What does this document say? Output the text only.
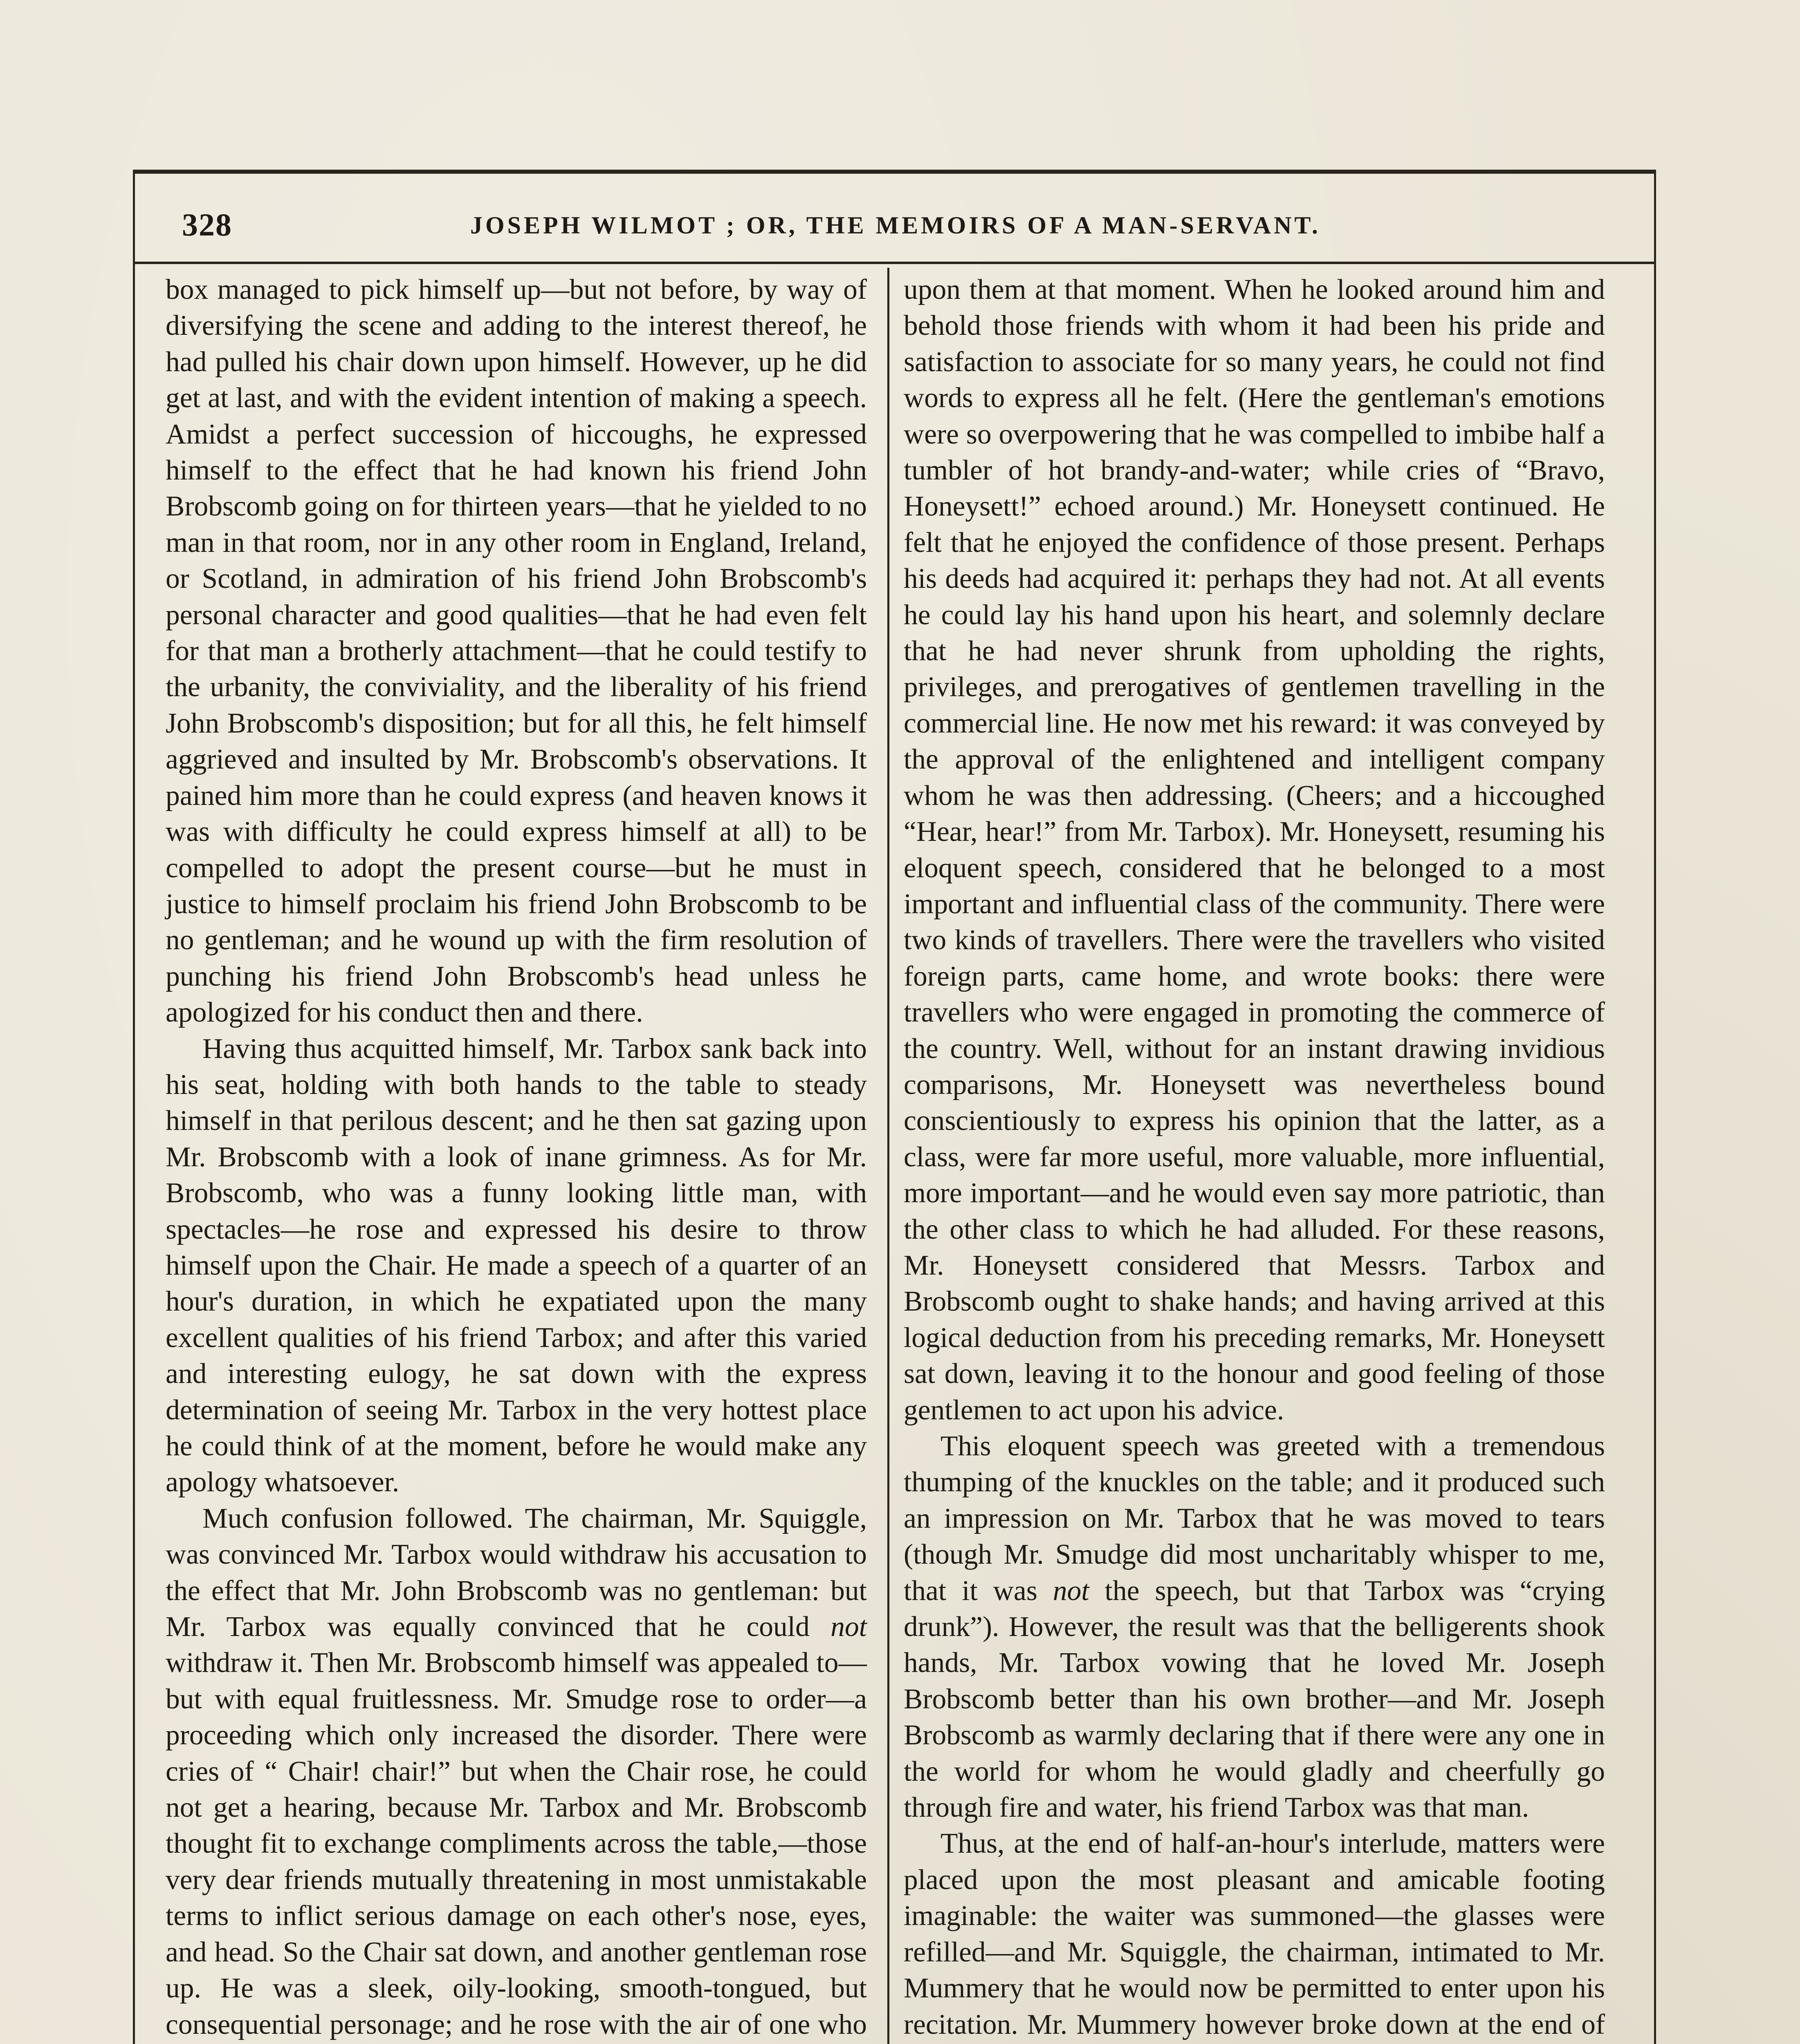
328	JOSEPH WILMOT ; OR, THE MEMOIRS OF A MAN-SERVANT.

box managed to pick himself up—but not before, by way of diversifying the scene and adding to the interest thereof, he had pulled his chair down upon himself. However, up he did get at last, and with the evident intention of making a speech. Amidst a perfect succession of hiccoughs, he expressed himself to the effect that he had known his friend John Brobscomb going on for thirteen years—that he yielded to no man in that room, nor in any other room in England, Ireland, or Scotland, in admiration of his friend John Brobscomb's personal character and good qualities—that he had even felt for that man a brotherly attachment—that he could testify to the urbanity, the conviviality, and the liberality of his friend John Brobscomb's disposition; but for all this, he felt himself aggrieved and insulted by Mr. Brobscomb's observations. It pained him more than he could express (and heaven knows it was with difficulty he could express himself at all) to be compelled to adopt the present course—but he must in justice to himself proclaim his friend John Brobscomb to be no gentleman; and he wound up with the firm resolution of punching his friend John Brobscomb's head unless he apologized for his conduct then and there.

Having thus acquitted himself, Mr. Tarbox sank back into his seat, holding with both hands to the table to steady himself in that perilous descent; and he then sat gazing upon Mr. Brobscomb with a look of inane grimness. As for Mr. Brobscomb, who was a funny looking little man, with spectacles—he rose and expressed his desire to throw himself upon the Chair. He made a speech of a quarter of an hour's duration, in which he expatiated upon the many excellent qualities of his friend Tarbox; and after this varied and interesting eulogy, he sat down with the express determination of seeing Mr. Tarbox in the very hottest place he could think of at the moment, before he would make any apology whatsoever.

Much confusion followed. The chairman, Mr. Squiggle, was convinced Mr. Tarbox would withdraw his accusation to the effect that Mr. John Brobscomb was no gentleman: but Mr. Tarbox was equally convinced that he could not withdraw it. Then Mr. Brobscomb himself was appealed to—but with equal fruitlessness. Mr. Smudge rose to order—a proceeding which only increased the disorder. There were cries of “ Chair! chair!” but when the Chair rose, he could not get a hearing, because Mr. Tarbox and Mr. Brobscomb thought fit to exchange compliments across the table,—those very dear friends mutually threatening in most unmistakable terms to inflict serious damage on each other's nose, eyes, and head. So the Chair sat down, and another gentleman rose up. He was a sleek, oily-looking, smooth-tongued, but consequential personage; and he rose with the air of one who

upon them at that moment. When he looked around him and behold those friends with whom it had been his pride and satisfaction to associate for so many years, he could not find words to express all he felt. (Here the gentleman's emotions were so overpowering that he was compelled to imbibe half a tumbler of hot brandy-and-water; while cries of “Bravo, Honeysett!” echoed around.) Mr. Honeysett continued. He felt that he enjoyed the confidence of those present. Perhaps his deeds had acquired it: perhaps they had not. At all events he could lay his hand upon his heart, and solemnly declare that he had never shrunk from upholding the rights, privileges, and prerogatives of gentlemen travelling in the commercial line. He now met his reward: it was conveyed by the approval of the enlightened and intelligent company whom he was then addressing. (Cheers; and a hiccoughed “Hear, hear!” from Mr. Tarbox). Mr. Honeysett, resuming his eloquent speech, considered that he belonged to a most important and influential class of the community. There were two kinds of travellers. There were the travellers who visited foreign parts, came home, and wrote books: there were travellers who were engaged in promoting the commerce of the country. Well, without for an instant drawing invidious comparisons, Mr. Honeysett was nevertheless bound conscientiously to express his opinion that the latter, as a class, were far more useful, more valuable, more influential, more important—and he would even say more patriotic, than the other class to which he had alluded. For these reasons, Mr. Honeysett considered that Messrs. Tarbox and Brobscomb ought to shake hands; and having arrived at this logical deduction from his preceding remarks, Mr. Honeysett sat down, leaving it to the honour and good feeling of those gentlemen to act upon his advice.

This eloquent speech was greeted with a tremendous thumping of the knuckles on the table; and it produced such an impression on Mr. Tarbox that he was moved to tears (though Mr. Smudge did most uncharitably whisper to me, that it was not the speech, but that Tarbox was “crying drunk”). However, the result was that the belligerents shook hands, Mr. Tarbox vowing that he loved Mr. Joseph Brobscomb better than his own brother—and Mr. Joseph Brobscomb as warmly declaring that if there were any one in the world for whom he would gladly and cheerfully go through fire and water, his friend Tarbox was that man.

Thus, at the end of half-an-hour's interlude, matters were placed upon the most pleasant and amicable footing imaginable: the waiter was summoned—the glasses were refilled—and Mr. Squiggle, the chairman, intimated to Mr. Mummery that he would now be permitted to enter upon his recitation. Mr. Mummery however broke down at the end of
